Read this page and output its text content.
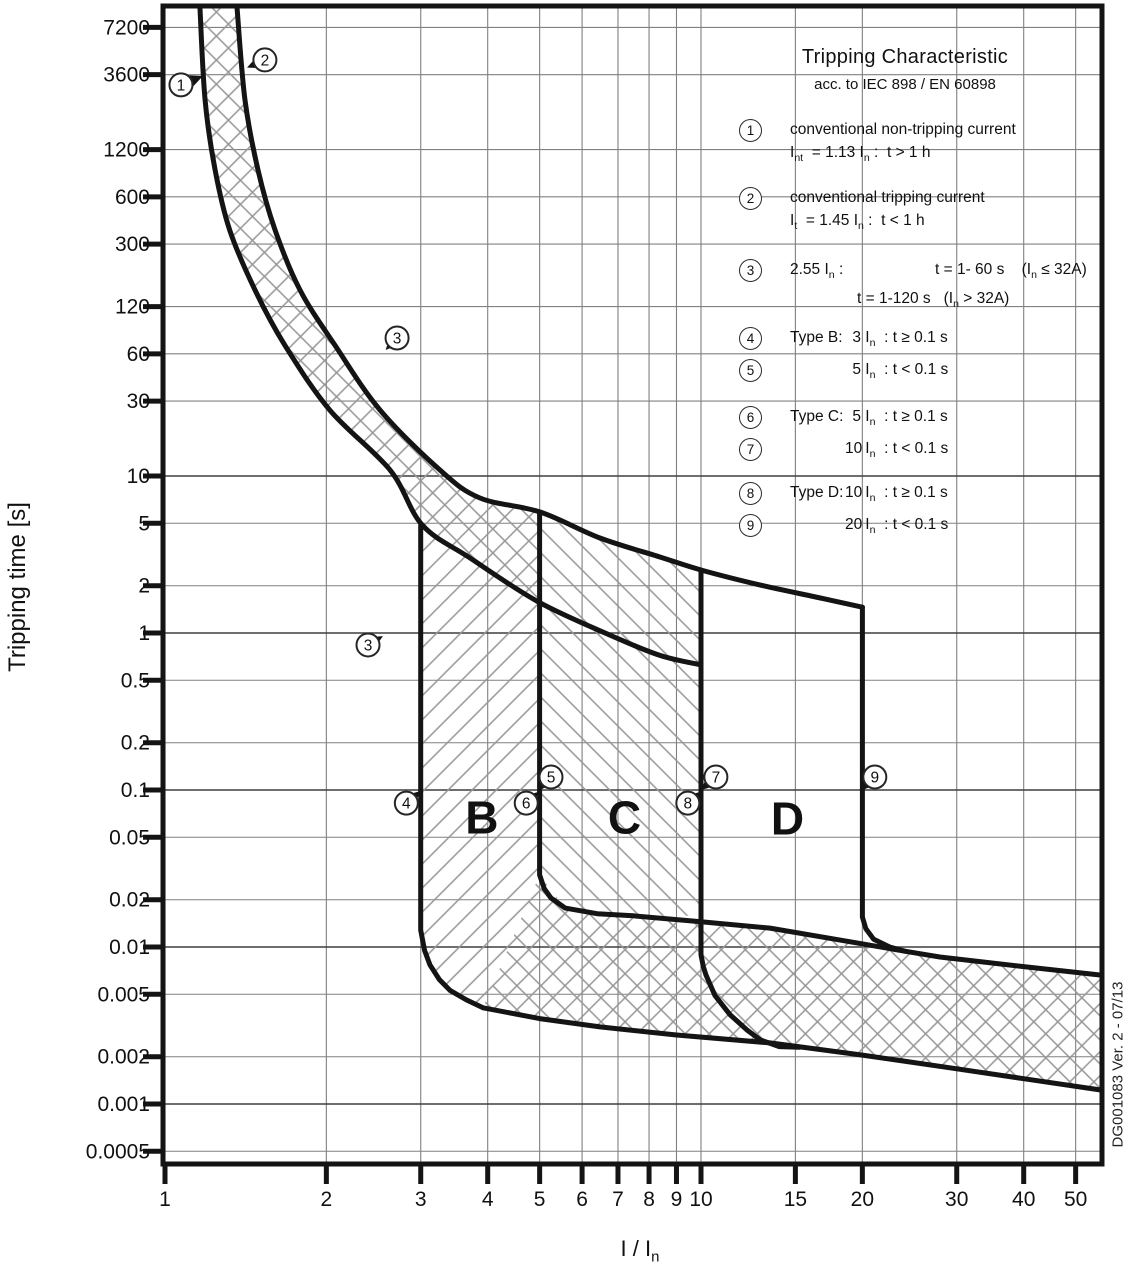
1	2	3	4 5 6 7 8 9 10	15 20	30 40 50
7200
3600
1200
600
300
120
60
30
10
5
2
1
0.5
0.2
0.1
0.05
0.02
0.01
0.005
0.002
0.001
0.0005
B C	D
1
2
3
3
4
5
6
7
8
9
Tripping time [s]
I / $I_n$
DG001083 Ver. 2 - 07/13
Tripping Characteristic
acc. to IEC 898 / EN 60898
1	conventional non-tripping current
$I_{nt} = 1.13$ $I_n$ :  t > 1 h
2	conventional tripping current
$I_t = 1.45$ $I_n$ :  t < 1 h
3	2.55 $I_n$ :	t = 1- 60 s    $(I_n \le 32A)$
t = 1-120 s   $(I_n > 32A)$
4	Type B: 3 $I_n$  : t ≥ 0.1 s
5	5 $I_n$  : t < 0.1 s
6	Type C: 5 $I_n$  : t ≥ 0.1 s
7	10 $I_n$  : t < 0.1 s
8	Type D: 10 $I_n$  : t ≥ 0.1 s
9	20 $I_n$  : t < 0.1 s
